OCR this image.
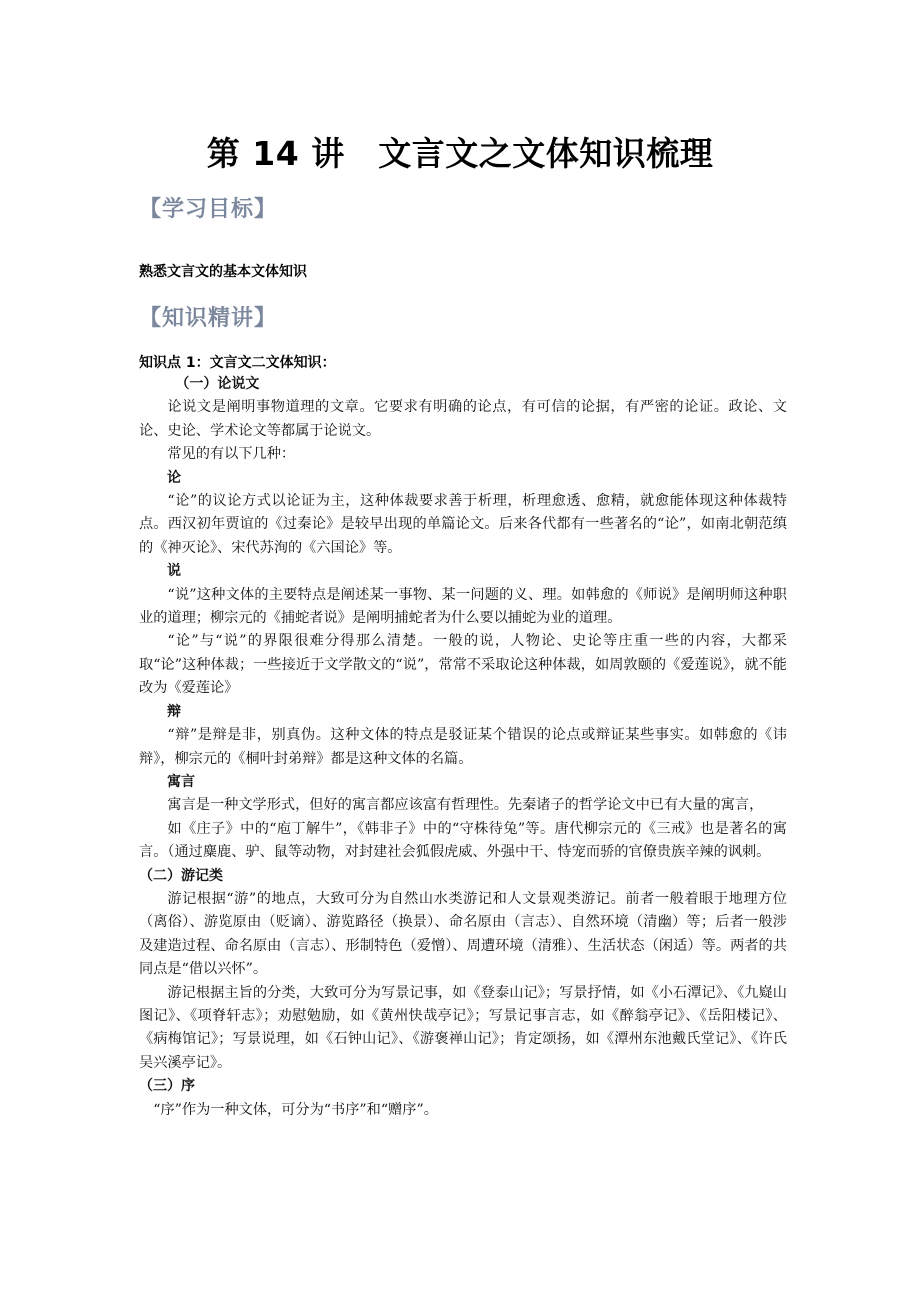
第 14 讲　文言文之文体知识梳理
【学习目标】
熟悉文言文的基本文体知识
【知识精讲】
知识点 1：文言文二文体知识：
（一）论说文
论说文是阐明事物道理的文章。它要求有明确的论点，有可信的论据，有严密的论证。政论、文论、史论、学术论文等都属于论说文。
常见的有以下几种：
论
“论”的议论方式以论证为主，这种体裁要求善于析理，析理愈透、愈精，就愈能体现这种体裁特点。西汉初年贾谊的《过秦论》是较早出现的单篇论文。后来各代都有一些著名的“论”，如南北朝范缜的《神灭论》、宋代苏洵的《六国论》等。
说
“说”这种文体的主要特点是阐述某一事物、某一问题的义、理。如韩愈的《师说》是阐明师这种职业的道理；柳宗元的《捕蛇者说》是阐明捕蛇者为什么要以捕蛇为业的道理。
“论”与“说”的界限很难分得那么清楚。一般的说，人物论、史论等庄重一些的内容，大都采取“论”这种体裁；一些接近于文学散文的“说”，常常不采取论这种体裁，如周敦颐的《爱莲说》，就不能改为《爱莲论》
辩
“辩”是辩是非，别真伪。这种文体的特点是驳证某个错误的论点或辩证某些事实。如韩愈的《讳辩》，柳宗元的《桐叶封弟辩》都是这种文体的名篇。
寓言
寓言是一种文学形式，但好的寓言都应该富有哲理性。先秦诸子的哲学论文中已有大量的寓言，
如《庄子》中的“庖丁解牛”，《韩非子》中的“守株待兔”等。唐代柳宗元的《三戒》也是著名的寓言。（通过麋鹿、驴、鼠等动物，对封建社会狐假虎威、外强中干、恃宠而骄的官僚贵族辛辣的讽刺。
（二）游记类
游记根据“游”的地点，大致可分为自然山水类游记和人文景观类游记。前者一般着眼于地理方位（离俗）、游览原由（贬谪）、游览路径（换景）、命名原由（言志）、自然环境（清幽）等；后者一般涉及建造过程、命名原由（言志）、形制特色（爱憎）、周遭环境（清雅）、生活状态（闲适）等。两者的共同点是“借以兴怀”。
游记根据主旨的分类，大致可分为写景记事，如《登泰山记》；写景抒情，如《小石潭记》、《九嶷山图记》、《项脊轩志》；劝慰勉励，如《黄州快哉亭记》；写景记事言志，如《醉翁亭记》、《岳阳楼记》、《病梅馆记》；写景说理，如《石钟山记》、《游褒禅山记》；肯定颂扬，如《潭州东池戴氏堂记》、《许氏吴兴溪亭记》。
（三）序
“序”作为一种文体，可分为“书序”和“赠序”。
